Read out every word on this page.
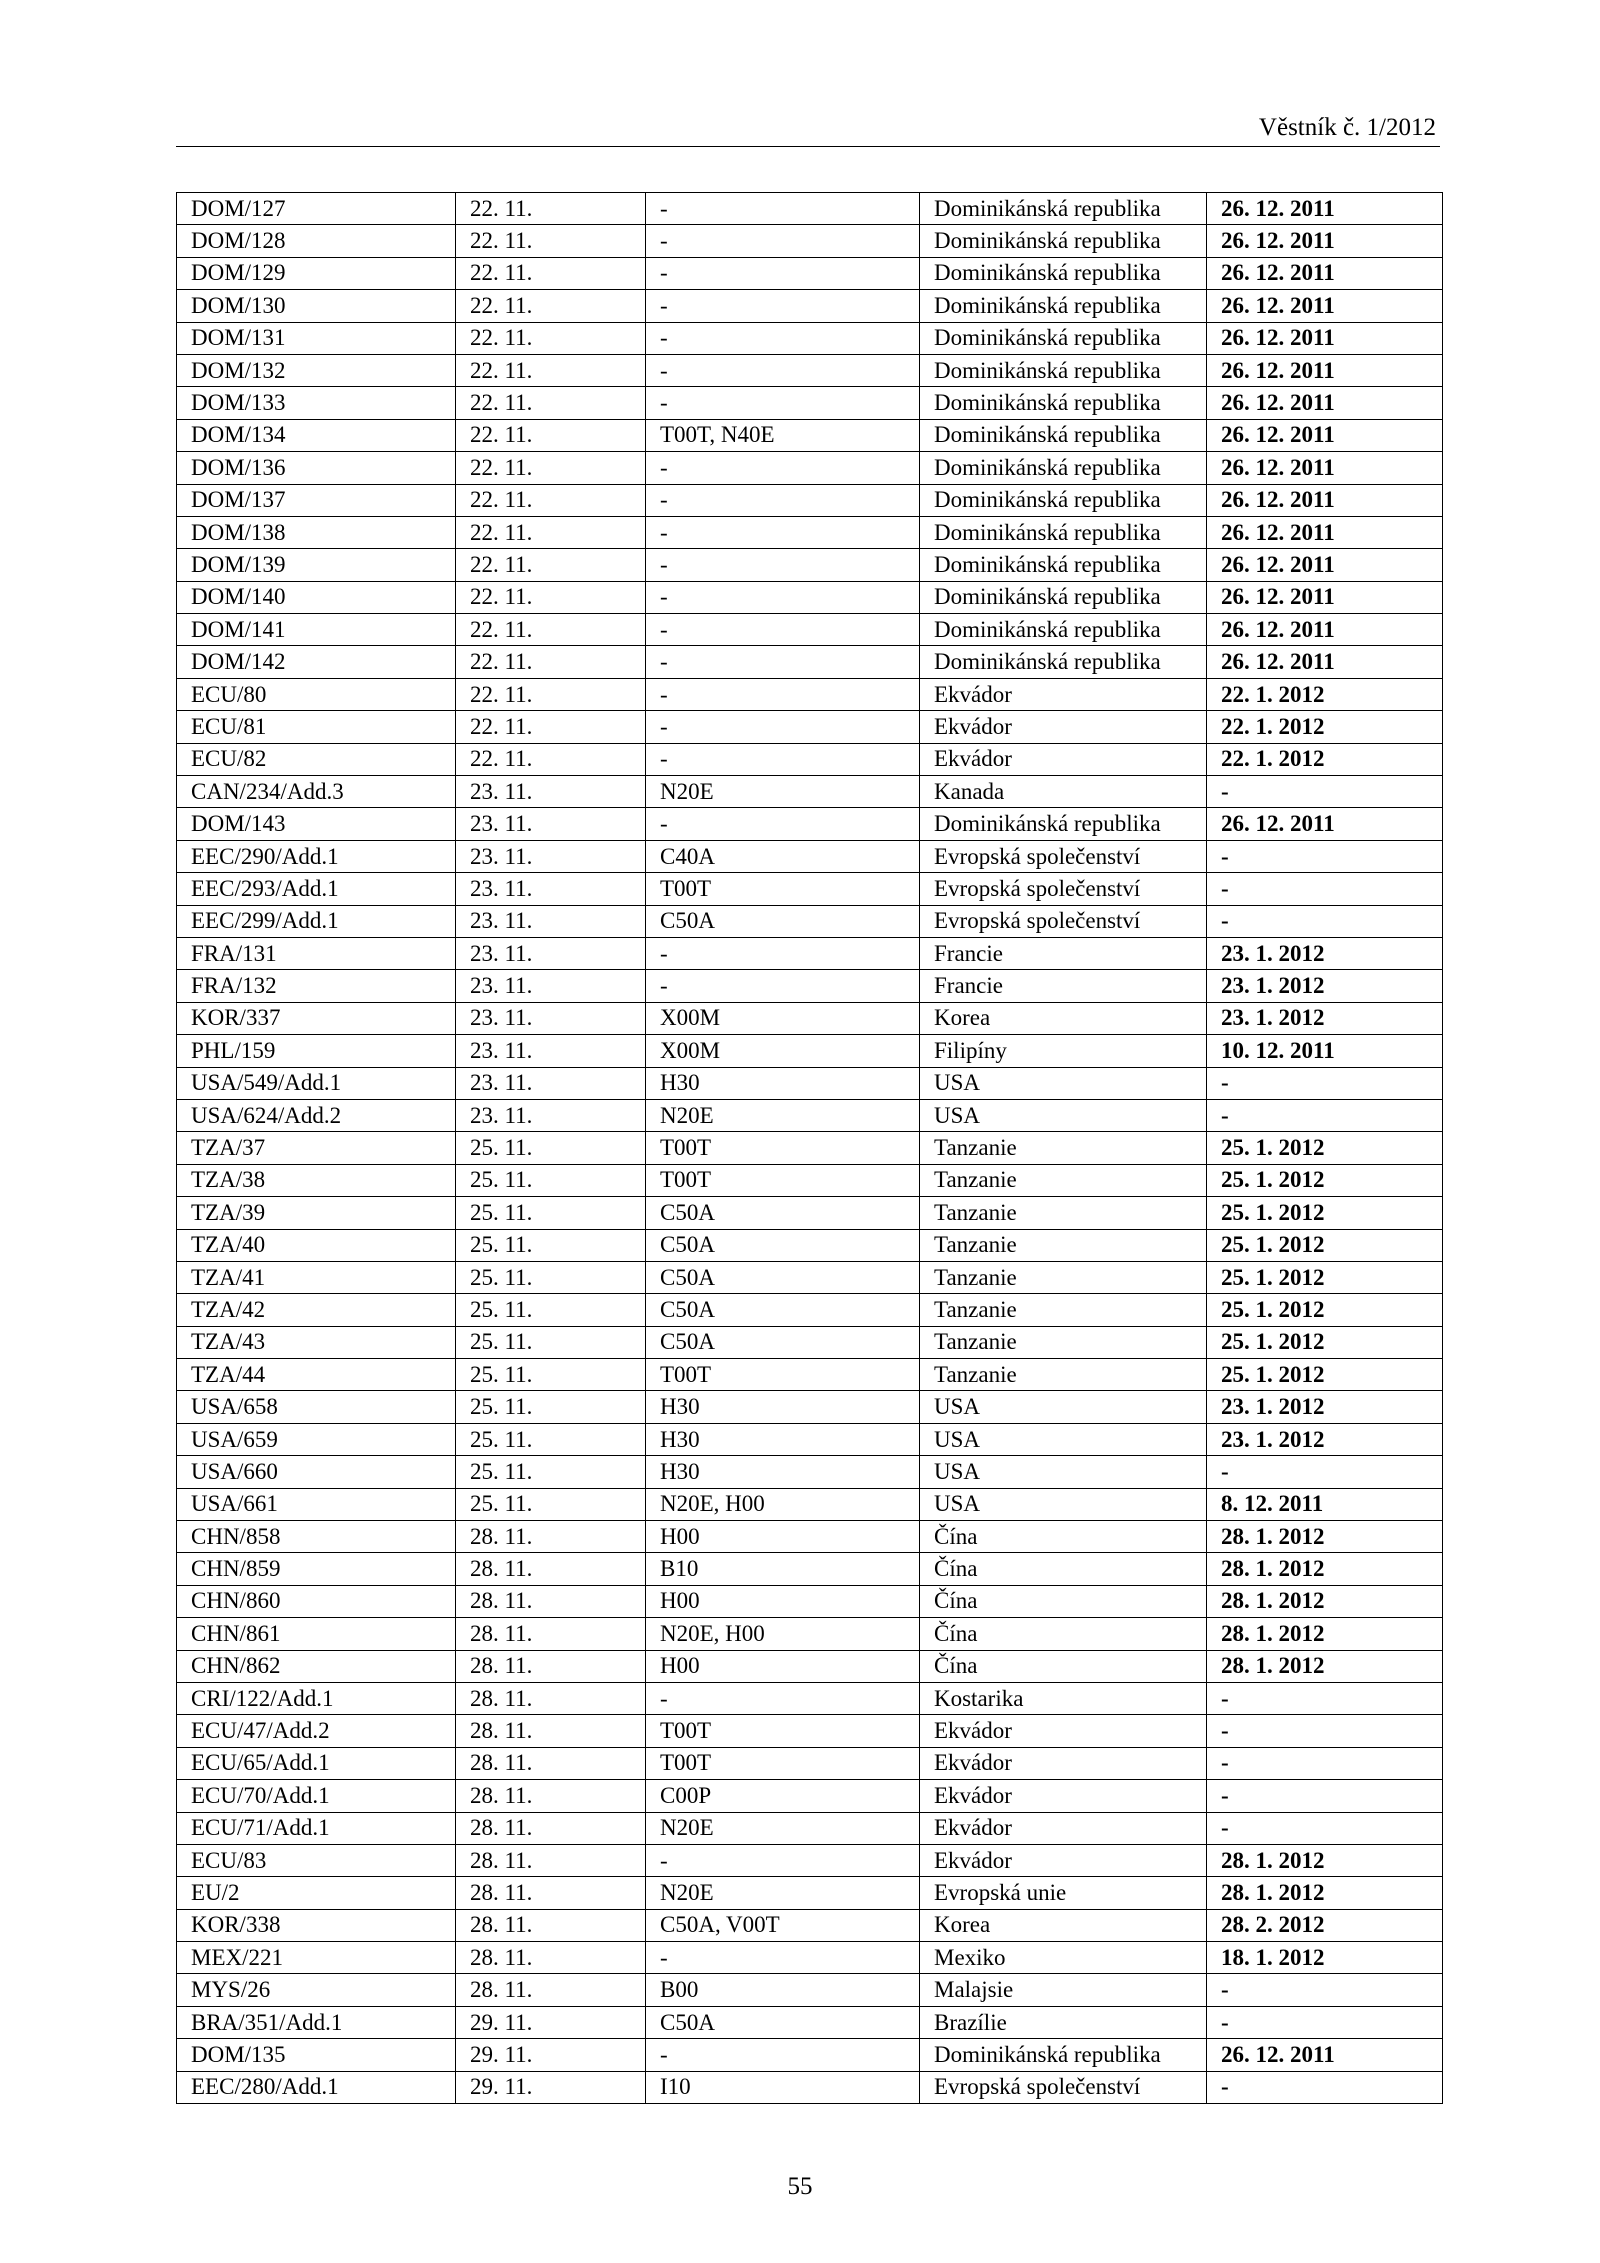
Věstník č. 1/2012
DOM/127	22. 11.	-	Dominikánská republika	26. 12. 2011
DOM/128	22. 11.	-	Dominikánská republika	26. 12. 2011
DOM/129	22. 11.	-	Dominikánská republika	26. 12. 2011
DOM/130	22. 11.	-	Dominikánská republika	26. 12. 2011
DOM/131	22. 11.	-	Dominikánská republika	26. 12. 2011
DOM/132	22. 11.	-	Dominikánská republika	26. 12. 2011
DOM/133	22. 11.	-	Dominikánská republika	26. 12. 2011
DOM/134	22. 11.	T00T, N40E	Dominikánská republika	26. 12. 2011
DOM/136	22. 11.	-	Dominikánská republika	26. 12. 2011
DOM/137	22. 11.	-	Dominikánská republika	26. 12. 2011
DOM/138	22. 11.	-	Dominikánská republika	26. 12. 2011
DOM/139	22. 11.	-	Dominikánská republika	26. 12. 2011
DOM/140	22. 11.	-	Dominikánská republika	26. 12. 2011
DOM/141	22. 11.	-	Dominikánská republika	26. 12. 2011
DOM/142	22. 11.	-	Dominikánská republika	26. 12. 2011
ECU/80	22. 11.	-	Ekvádor	22. 1. 2012
ECU/81	22. 11.	-	Ekvádor	22. 1. 2012
ECU/82	22. 11.	-	Ekvádor	22. 1. 2012
CAN/234/Add.3	23. 11.	N20E	Kanada	-
DOM/143	23. 11.	-	Dominikánská republika	26. 12. 2011
EEC/290/Add.1	23. 11.	C40A	Evropská společenství	-
EEC/293/Add.1	23. 11.	T00T	Evropská společenství	-
EEC/299/Add.1	23. 11.	C50A	Evropská společenství	-
FRA/131	23. 11.	-	Francie	23. 1. 2012
FRA/132	23. 11.	-	Francie	23. 1. 2012
KOR/337	23. 11.	X00M	Korea	23. 1. 2012
PHL/159	23. 11.	X00M	Filipíny	10. 12. 2011
USA/549/Add.1	23. 11.	H30	USA	-
USA/624/Add.2	23. 11.	N20E	USA	-
TZA/37	25. 11.	T00T	Tanzanie	25. 1. 2012
TZA/38	25. 11.	T00T	Tanzanie	25. 1. 2012
TZA/39	25. 11.	C50A	Tanzanie	25. 1. 2012
TZA/40	25. 11.	C50A	Tanzanie	25. 1. 2012
TZA/41	25. 11.	C50A	Tanzanie	25. 1. 2012
TZA/42	25. 11.	C50A	Tanzanie	25. 1. 2012
TZA/43	25. 11.	C50A	Tanzanie	25. 1. 2012
TZA/44	25. 11.	T00T	Tanzanie	25. 1. 2012
USA/658	25. 11.	H30	USA	23. 1. 2012
USA/659	25. 11.	H30	USA	23. 1. 2012
USA/660	25. 11.	H30	USA	-
USA/661	25. 11.	N20E, H00	USA	8. 12. 2011
CHN/858	28. 11.	H00	Čína	28. 1. 2012
CHN/859	28. 11.	B10	Čína	28. 1. 2012
CHN/860	28. 11.	H00	Čína	28. 1. 2012
CHN/861	28. 11.	N20E, H00	Čína	28. 1. 2012
CHN/862	28. 11.	H00	Čína	28. 1. 2012
CRI/122/Add.1	28. 11.	-	Kostarika	-
ECU/47/Add.2	28. 11.	T00T	Ekvádor	-
ECU/65/Add.1	28. 11.	T00T	Ekvádor	-
ECU/70/Add.1	28. 11.	C00P	Ekvádor	-
ECU/71/Add.1	28. 11.	N20E	Ekvádor	-
ECU/83	28. 11.	-	Ekvádor	28. 1. 2012
EU/2	28. 11.	N20E	Evropská unie	28. 1. 2012
KOR/338	28. 11.	C50A, V00T	Korea	28. 2. 2012
MEX/221	28. 11.	-	Mexiko	18. 1. 2012
MYS/26	28. 11.	B00	Malajsie	-
BRA/351/Add.1	29. 11.	C50A	Brazílie	-
DOM/135	29. 11.	-	Dominikánská republika	26. 12. 2011
EEC/280/Add.1	29. 11.	I10	Evropská společenství	-
55
